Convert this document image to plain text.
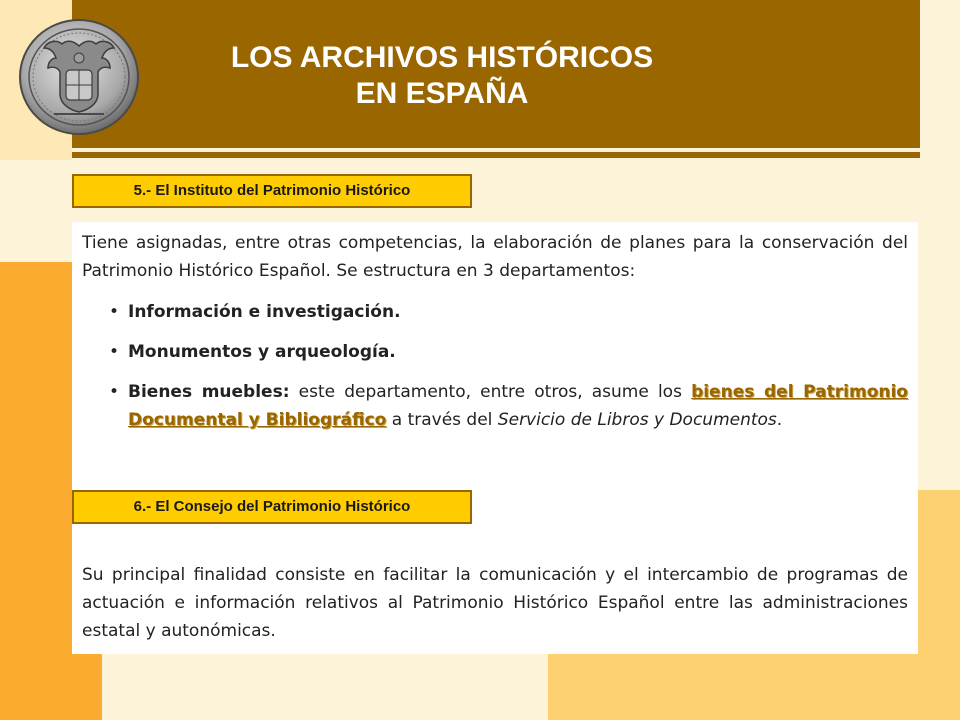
LOS ARCHIVOS HISTÓRICOS
EN ESPAÑA
5.- El Instituto del Patrimonio Histórico

Tiene asignadas, entre otras competencias, la elaboración de planes para la conservación del Patrimonio Histórico Español. Se estructura en 3 departamentos:

• Información e investigación.
• Monumentos y arqueología.
• Bienes muebles: este departamento, entre otros, asume los bienes del Patrimonio Documental y Bibliográfico a través del Servicio de Libros y Documentos.
6.- El Consejo del Patrimonio Histórico

Su principal finalidad consiste en facilitar la comunicación y el intercambio de programas de actuación e información relativos al Patrimonio Histórico Español entre las administraciones estatal y autonómicas.
